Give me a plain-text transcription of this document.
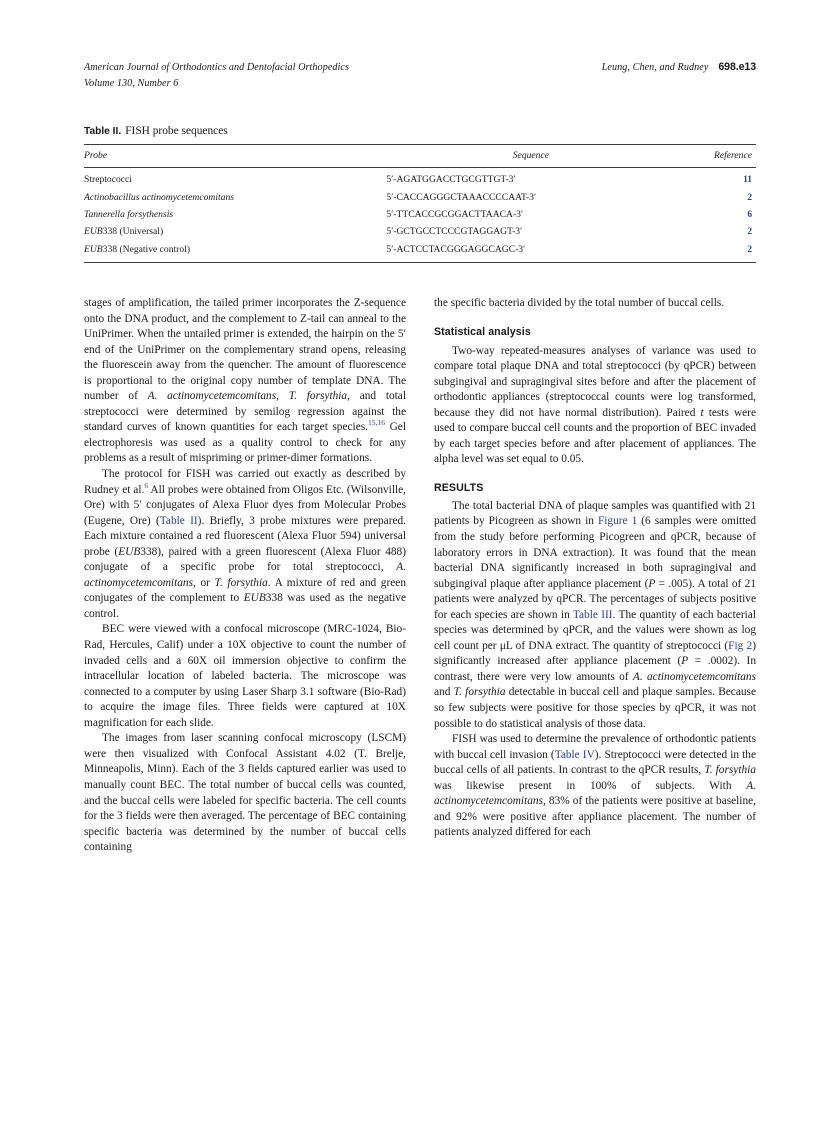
American Journal of Orthodontics and Dentofacial Orthopedics
Volume 130, Number 6
Leung, Chen, and Rudney 698.e13
Table II. FISH probe sequences
Probe	Sequence	Reference
Streptococci	5′-AGATGGACCTGCGTTGT-3′	11
Actinobacillus actinomycetemcomitans	5′-CACCAGGGCTAAACCCCAAT-3′	2
Tannerella forsythensis	5′-TTCACCGCGGACTTAACA-3′	6
EUB338 (Universal)	5′-GCTGCCTCCCGTAGGAGT-3′	2
EUB338 (Negative control)	5′-ACTCCTACGGGAGGCAGC-3′	2

stages of amplification, the tailed primer incorporates the Z-sequence onto the DNA product, and the complement to Z-tail can anneal to the UniPrimer. When the untailed primer is extended, the hairpin on the 5′ end of the UniPrimer on the complementary strand opens, releasing the fluorescein away from the quencher. The amount of fluorescence is proportional to the original copy number of template DNA. The number of A. actinomycetemcomitans, T. forsythia, and total streptococci were determined by semilog regression against the standard curves of known quantities for each target species.$^{15,16}$ Gel electrophoresis was used as a quality control to check for any problems as a result of mispriming or primer-dimer formations.

The protocol for FISH was carried out exactly as described by Rudney et al.$^6$ All probes were obtained from Oligos Etc. (Wilsonville, Ore) with 5′ conjugates of Alexa Fluor dyes from Molecular Probes (Eugene, Ore) (Table II). Briefly, 3 probe mixtures were prepared. Each mixture contained a red fluorescent (Alexa Fluor 594) universal probe (EUB338), paired with a green fluorescent (Alexa Fluor 488) conjugate of a specific probe for total streptococci, A. actinomycetemcomitans, or T. forsythia. A mixture of red and green conjugates of the complement to EUB338 was used as the negative control.

BEC were viewed with a confocal microscope (MRC-1024, Bio-Rad, Hercules, Calif) under a 10X objective to count the number of invaded cells and a 60X oil immersion objective to confirm the intracellular location of labeled bacteria. The microscope was connected to a computer by using Laser Sharp 3.1 software (Bio-Rad) to acquire the image files. Three fields were captured at 10X magnification for each slide.

The images from laser scanning confocal microscopy (LSCM) were then visualized with Confocal Assistant 4.02 (T. Brelje, Minneapolis, Minn). Each of the 3 fields captured earlier was used to manually count BEC. The total number of buccal cells was counted, and the buccal cells were labeled for specific bacteria. The cell counts for the 3 fields were then averaged. The percentage of BEC containing specific bacteria was determined by the number of buccal cells containing

the specific bacteria divided by the total number of buccal cells.

Statistical analysis

Two-way repeated-measures analyses of variance was used to compare total plaque DNA and total streptococci (by qPCR) between subgingival and supragingival sites before and after the placement of orthodontic appliances (streptococcal counts were log transformed, because they did not have normal distribution). Paired t tests were used to compare buccal cell counts and the proportion of BEC invaded by each target species before and after placement of appliances. The alpha level was set equal to 0.05.

RESULTS

The total bacterial DNA of plaque samples was quantified with 21 patients by Picogreen as shown in Figure 1 (6 samples were omitted from the study before performing Picogreen and qPCR, because of laboratory errors in DNA extraction). It was found that the mean bacterial DNA significantly increased in both supragingival and subgingival plaque after appliance placement (P = .005). A total of 21 patients were analyzed by qPCR. The percentages of subjects positive for each species are shown in Table III. The quantity of each bacterial species was determined by qPCR, and the values were shown as log cell count per μL of DNA extract. The quantity of streptococci (Fig 2) significantly increased after appliance placement (P = .0002). In contrast, there were very low amounts of A. actinomycetemcomitans and T. forsythia detectable in buccal cell and plaque samples. Because so few subjects were positive for those species by qPCR, it was not possible to do statistical analysis of those data.

FISH was used to determine the prevalence of orthodontic patients with buccal cell invasion (Table IV). Streptococci were detected in the buccal cells of all patients. In contrast to the qPCR results, T. forsythia was likewise present in 100% of subjects. With A. actinomycetemcomitans, 83% of the patients were positive at baseline, and 92% were positive after appliance placement. The number of patients analyzed differed for each
